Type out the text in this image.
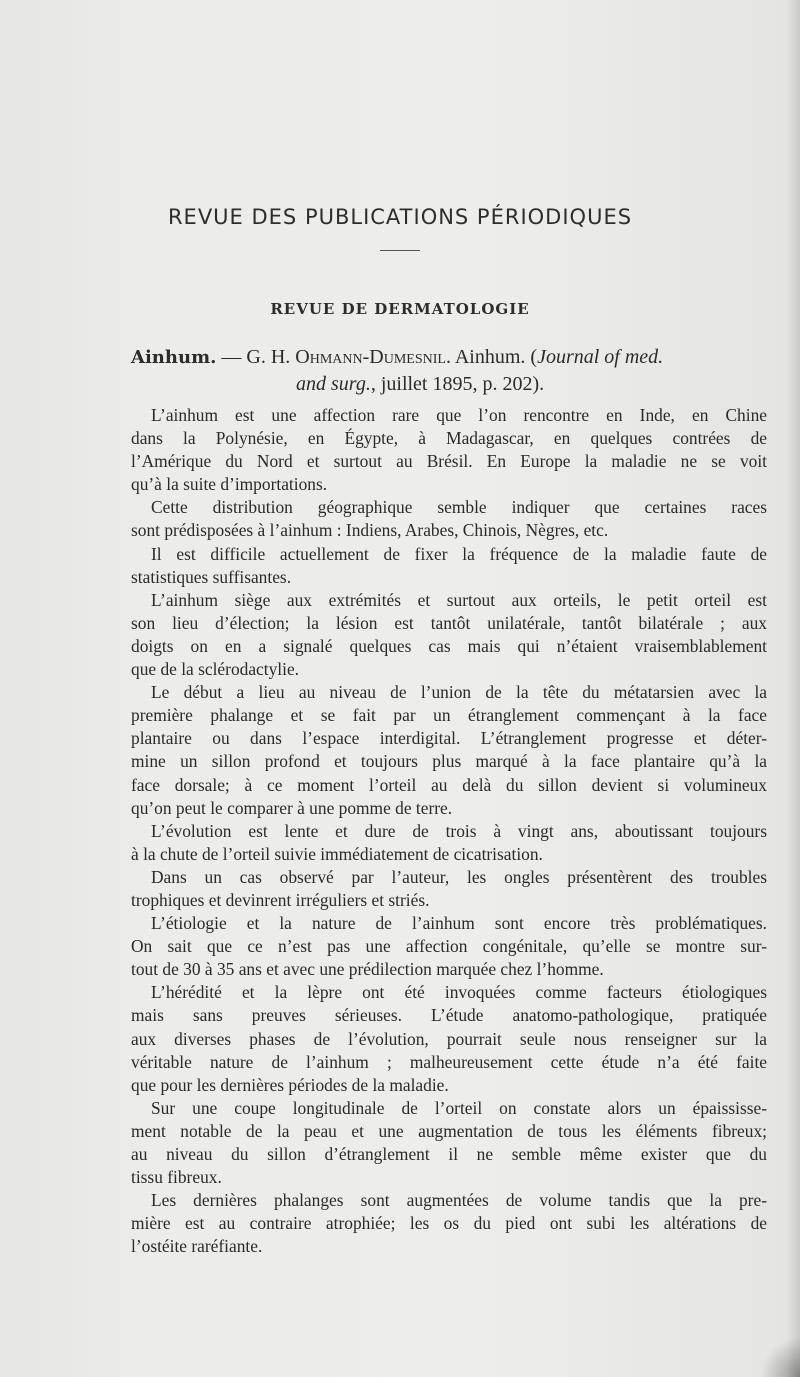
REVUE DES PUBLICATIONS PÉRIODIQUES
REVUE DE DERMATOLOGIE
Ainhum. — G. H. Ohmann-Dumesnil. Ainhum. (Journal of med.
and surg., juillet 1895, p. 202).
L’ainhum est une affection rare que l’on rencontre en Inde, en Chine
dans la Polynésie, en Égypte, à Madagascar, en quelques contrées de
l’Amérique du Nord et surtout au Brésil. En Europe la maladie ne se voit
qu’à la suite d’importations.
Cette distribution géographique semble indiquer que certaines races
sont prédisposées à l’ainhum : Indiens, Arabes, Chinois, Nègres, etc.
Il est difficile actuellement de fixer la fréquence de la maladie faute de
statistiques suffisantes.
L’ainhum siège aux extrémités et surtout aux orteils, le petit orteil est
son lieu d’élection; la lésion est tantôt unilatérale, tantôt bilatérale ; aux
doigts on en a signalé quelques cas mais qui n’étaient vraisemblablement
que de la sclérodactylie.
Le début a lieu au niveau de l’union de la tête du métatarsien avec la
première phalange et se fait par un étranglement commençant à la face
plantaire ou dans l’espace interdigital. L’étranglement progresse et déter-
mine un sillon profond et toujours plus marqué à la face plantaire qu’à la
face dorsale; à ce moment l’orteil au delà du sillon devient si volumineux
qu’on peut le comparer à une pomme de terre.
L’évolution est lente et dure de trois à vingt ans, aboutissant toujours
à la chute de l’orteil suivie immédiatement de cicatrisation.
Dans un cas observé par l’auteur, les ongles présentèrent des troubles
trophiques et devinrent irréguliers et striés.
L’étiologie et la nature de l’ainhum sont encore très problématiques.
On sait que ce n’est pas une affection congénitale, qu’elle se montre sur-
tout de 30 à 35 ans et avec une prédilection marquée chez l’homme.
L’hérédité et la lèpre ont été invoquées comme facteurs étiologiques
mais sans preuves sérieuses. L’étude anatomo-pathologique, pratiquée
aux diverses phases de l’évolution, pourrait seule nous renseigner sur la
véritable nature de l’ainhum ; malheureusement cette étude n’a été faite
que pour les dernières périodes de la maladie.
Sur une coupe longitudinale de l’orteil on constate alors un épaississe-
ment notable de la peau et une augmentation de tous les éléments fibreux;
au niveau du sillon d’étranglement il ne semble même exister que du
tissu fibreux.
Les dernières phalanges sont augmentées de volume tandis que la pre-
mière est au contraire atrophiée; les os du pied ont subi les altérations de
l’ostéite raréfiante.
